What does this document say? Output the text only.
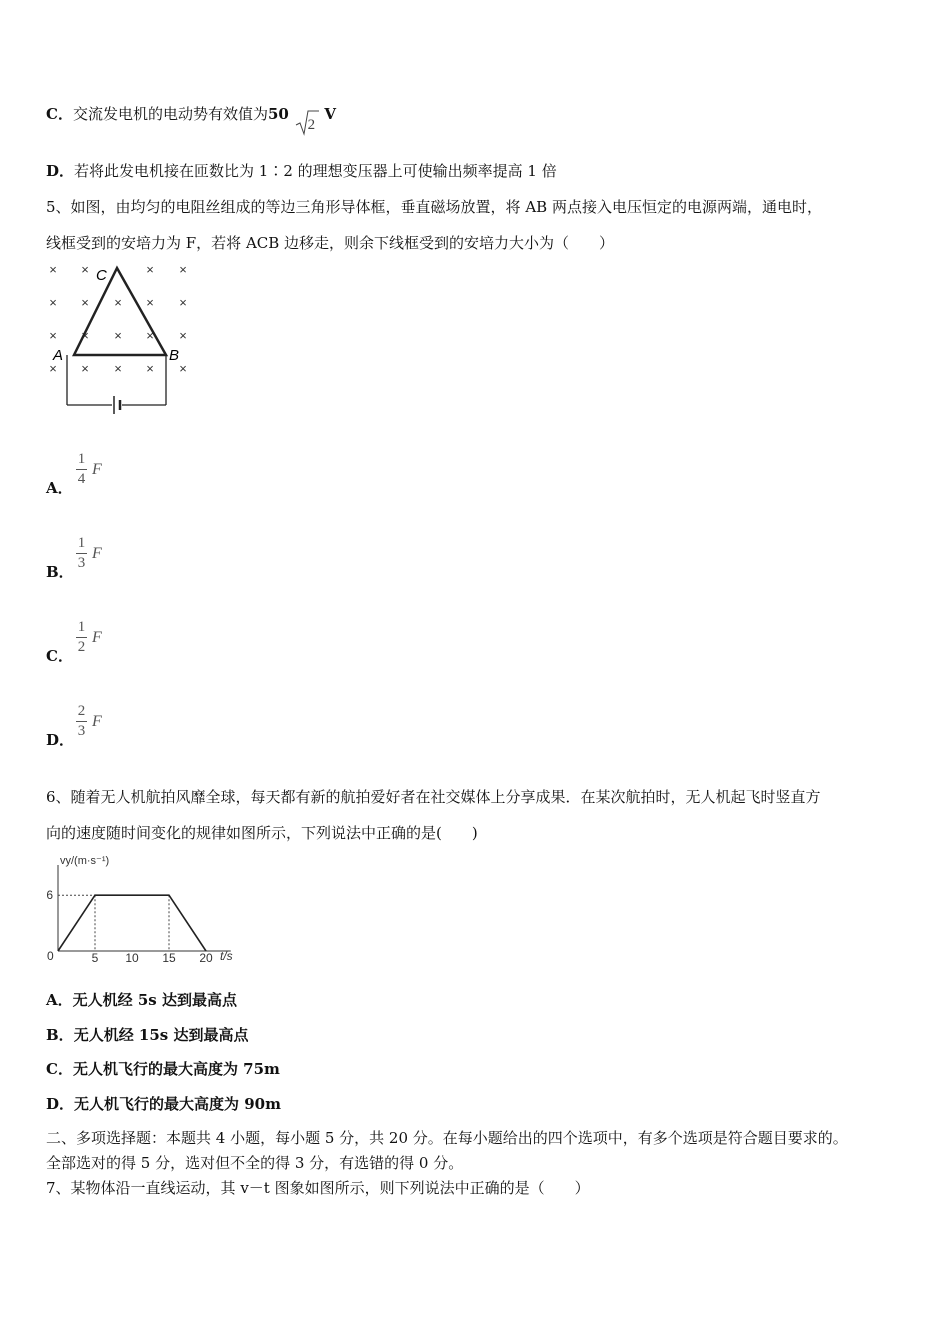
C．交流发电机的电动势有效值为50
2
V
D．若将此发电机接在匝数比为 1∶2 的理想变压器上可使输出频率提高 1 倍
5、如图，由均匀的电阻丝组成的等边三角形导体框，垂直磁场放置，将 AB 两点接入电压恒定的电源两端，通电时，
线框受到的安培力为 F，若将 ACB 边移走，则余下线框受到的安培力大小为（　　）
× ×	× ×
× × × × ×
× × × × ×
× × × × ×
A	B
C
A． $\frac{1}{4}$ F
B． $\frac{1}{3}$ F
C． $\frac{1}{2}$ F
D． $\frac{2}{3}$ F
6、随着无人机航拍风靡全球，每天都有新的航拍爱好者在社交媒体上分享成果．在某次航拍时，无人机起飞时竖直方
向的速度随时间变化的规律如图所示，下列说法中正确的是(　　)
vy/(m·s⁻¹)
t/s
0	5 10 15 20
6
A．无人机经 5s 达到最高点
B．无人机经 15s 达到最高点
C．无人机飞行的最大高度为 75m
D．无人机飞行的最大高度为 90m
二、多项选择题：本题共 4 小题，每小题 5 分，共 20 分。在每小题给出的四个选项中，有多个选项是符合题目要求的。
全部选对的得 5 分，选对但不全的得 3 分，有选错的得 0 分。
7、某物体沿一直线运动，其 v－t 图象如图所示，则下列说法中正确的是（　　）
